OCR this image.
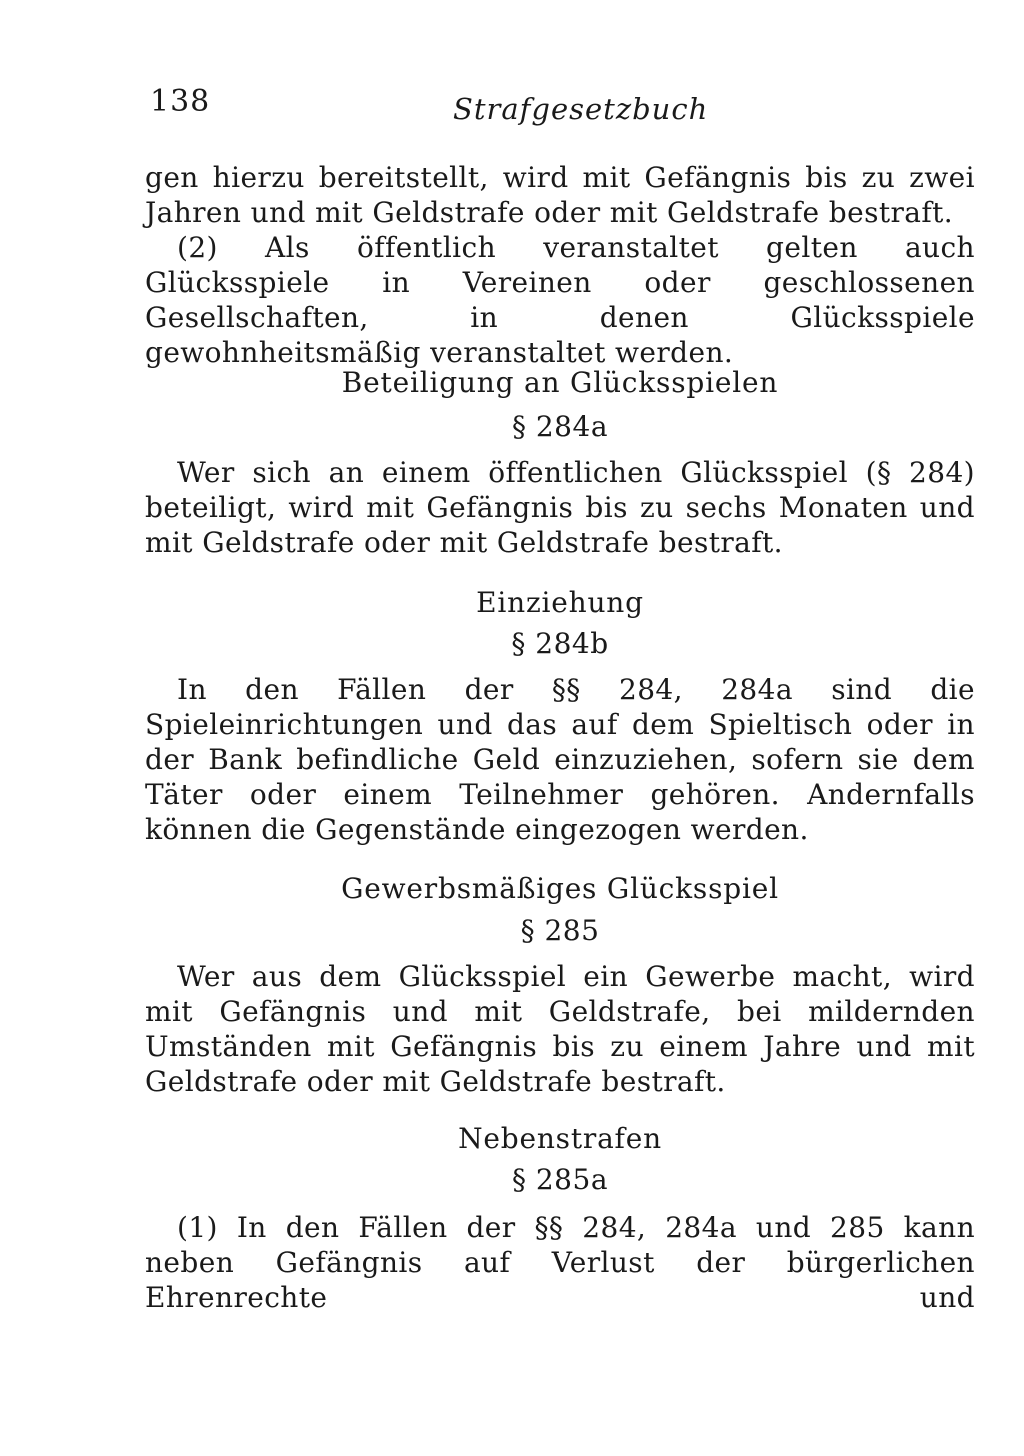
138	Strafgesetzbuch
gen hierzu bereitstellt, wird mit Gefängnis bis zu zwei Jahren und mit Geldstrafe oder mit Geldstrafe bestraft.
(2) Als öffentlich veranstaltet gelten auch Glücksspiele in Vereinen oder geschlossenen Gesellschaften, in denen Glücksspiele gewohnheitsmäßig veranstaltet werden.
Beteiligung an Glücksspielen
§ 284a
Wer sich an einem öffentlichen Glücksspiel (§ 284) beteiligt, wird mit Gefängnis bis zu sechs Monaten und mit Geldstrafe oder mit Geldstrafe bestraft.
Einziehung
§ 284b
In den Fällen der §§ 284, 284a sind die Spieleinrichtungen und das auf dem Spieltisch oder in der Bank befindliche Geld einzuziehen, sofern sie dem Täter oder einem Teilnehmer gehören. Andernfalls können die Gegenstände eingezogen werden.
Gewerbsmäßiges Glücksspiel
§ 285
Wer aus dem Glücksspiel ein Gewerbe macht, wird mit Gefängnis und mit Geldstrafe, bei mildernden Umständen mit Gefängnis bis zu einem Jahre und mit Geldstrafe oder mit Geldstrafe bestraft.
Nebenstrafen
§ 285a
(1) In den Fällen der §§ 284, 284a und 285 kann neben Gefängnis auf Verlust der bürgerlichen Ehrenrechte und
